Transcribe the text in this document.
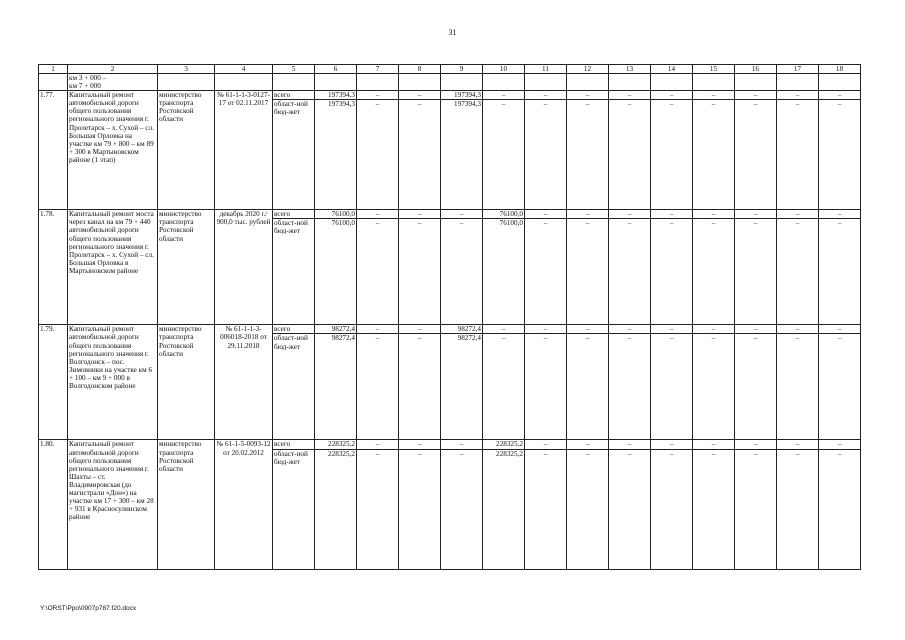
31
1	2	3	4	5	6	7	8	9	10	11	12	13	14	15	16	17	18
	км 3 + 000 –
км 7 + 000																
1.77.	Капитальный ремонт автомобильной дороги общего пользования регионального значения г. Пролетарск – х. Сухой – сл. Большая Орловка на участке км 79 + 800 – км 89 + 300 в Мартыновском районе (1 этап)	министерство транспорта Ростовской области	№ 61-1-1-3-0127-17 от 02.11.2017	всего	197394,3	–	–	197394,3	–	–	–	–	–	–	–	–	–
				област-ной бюд-жет	197394,3	–	–	197394,3	–	–	–	–	–	–	–	–	–
1.78.	Капитальный ремонт моста через канал на км 79 + 440 автомобильной дороги общего пользования регионального значения г. Пролетарск – х. Сухой – сл. Большая Орловка в Мартыновском районе	министерство транспорта Ростовской области	декабрь 2020 г./ 900,0 тыс. рублей	всего	76100,0	–	–	–	76100,0	–	–	–	–	–	–	–	–
				област-ной бюд-жет	76100,0	–	–	–	76100,0	–	–	–	–	–	–	–	–
1.79.	Капитальный ремонт автомобильной дороги общего пользования регионального значения г. Волгодонск – пос. Зимовники на участке км 6 + 100 – км 9 + 000 в Волгодонском районе	министерство транспорта Ростовской области	№ 61-1-1-3-006018-2018 от 29.11.2018	всего	98272,4	–	–	98272,4	–	–	–	–	–	–	–	–	–
				област-ной бюд-жет	98272,4	–	–	98272,4	–	–	–	–	–	–	–	–	–
1.80.	Капитальный ремонт автомобильной дороги общего пользования регионального значения г. Шахты – ст. Владимировская (до магистрали «Дон») на участке км 17 + 300 – км 28 + 931 в Красносулинском районе	министерство транспорта Ростовской области	№ 61-1-5-0093-12 от 20.02.2012	всего	228325,2	–	–	–	228325,2	–	–	–	–	–	–	–	–
				област-ной бюд-жет	228325,2	–	–	–	228325,2	–	–	–	–	–	–	–	–
Y:\ORST\Ppo\0907p787.f20.docx
